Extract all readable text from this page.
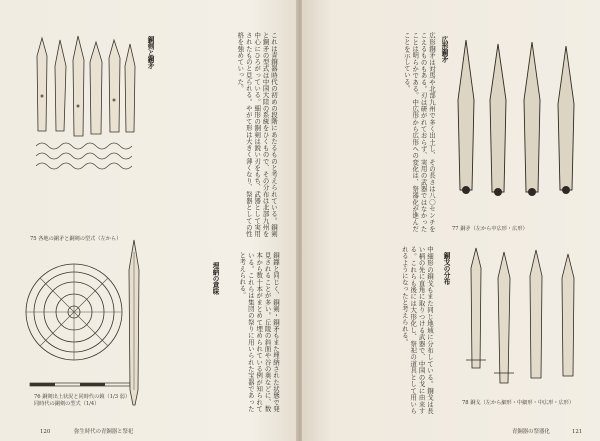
75 各地の銅矛と銅剣の型式（左から）
銅剣と銅矛	これは青銅器時代の初めの段階にあたるものと考えられている。銅剣と銅矛の型式は中国大陸の系統をひくもので、その分布は北部九州を中心にひろがっている。細形の銅剣は鋭い刃をもち、武器として実用されたものと見られる。やがて形は大きく薄くなり、祭器としての性格を強めていった。
76 銅剣出土状況と同時代の鏡（1/3 弱）
同時代の銅剣の型式（1/4）
埋納の意味	銅鐸と同じく、銅剣・銅矛もまた埋納された状態で発見されることが多い。丘陵の斜面や谷の奥などに、数本から数十本がまとめて埋められている例が知られている。これらは集団の祭りに用いられた宝器であったと考えられる。
120	弥生時代の青銅器と祭祀
広形銅矛は対馬や北部九州で多く出土し、その長さは八〇センチをこえるものもある。刃は研がれておらず、実用の武器ではなかったことは明らかである。中広形から広形への変化は、祭器化が進んだことを示している。	広形銅矛
77 銅矛（左から中広形・広形）
中細形の銅戈もまた同じ地域に分布している。銅戈は長い柄の先に直角に取りつける武器で、中国の戈に由来する。これらも後には大形化し、祭祀の道具として用いられるようになったと考えられる。	銅戈の分布
78 銅戈（左から細形・中細形・中広形・広形）
青銅器の祭器化	121
